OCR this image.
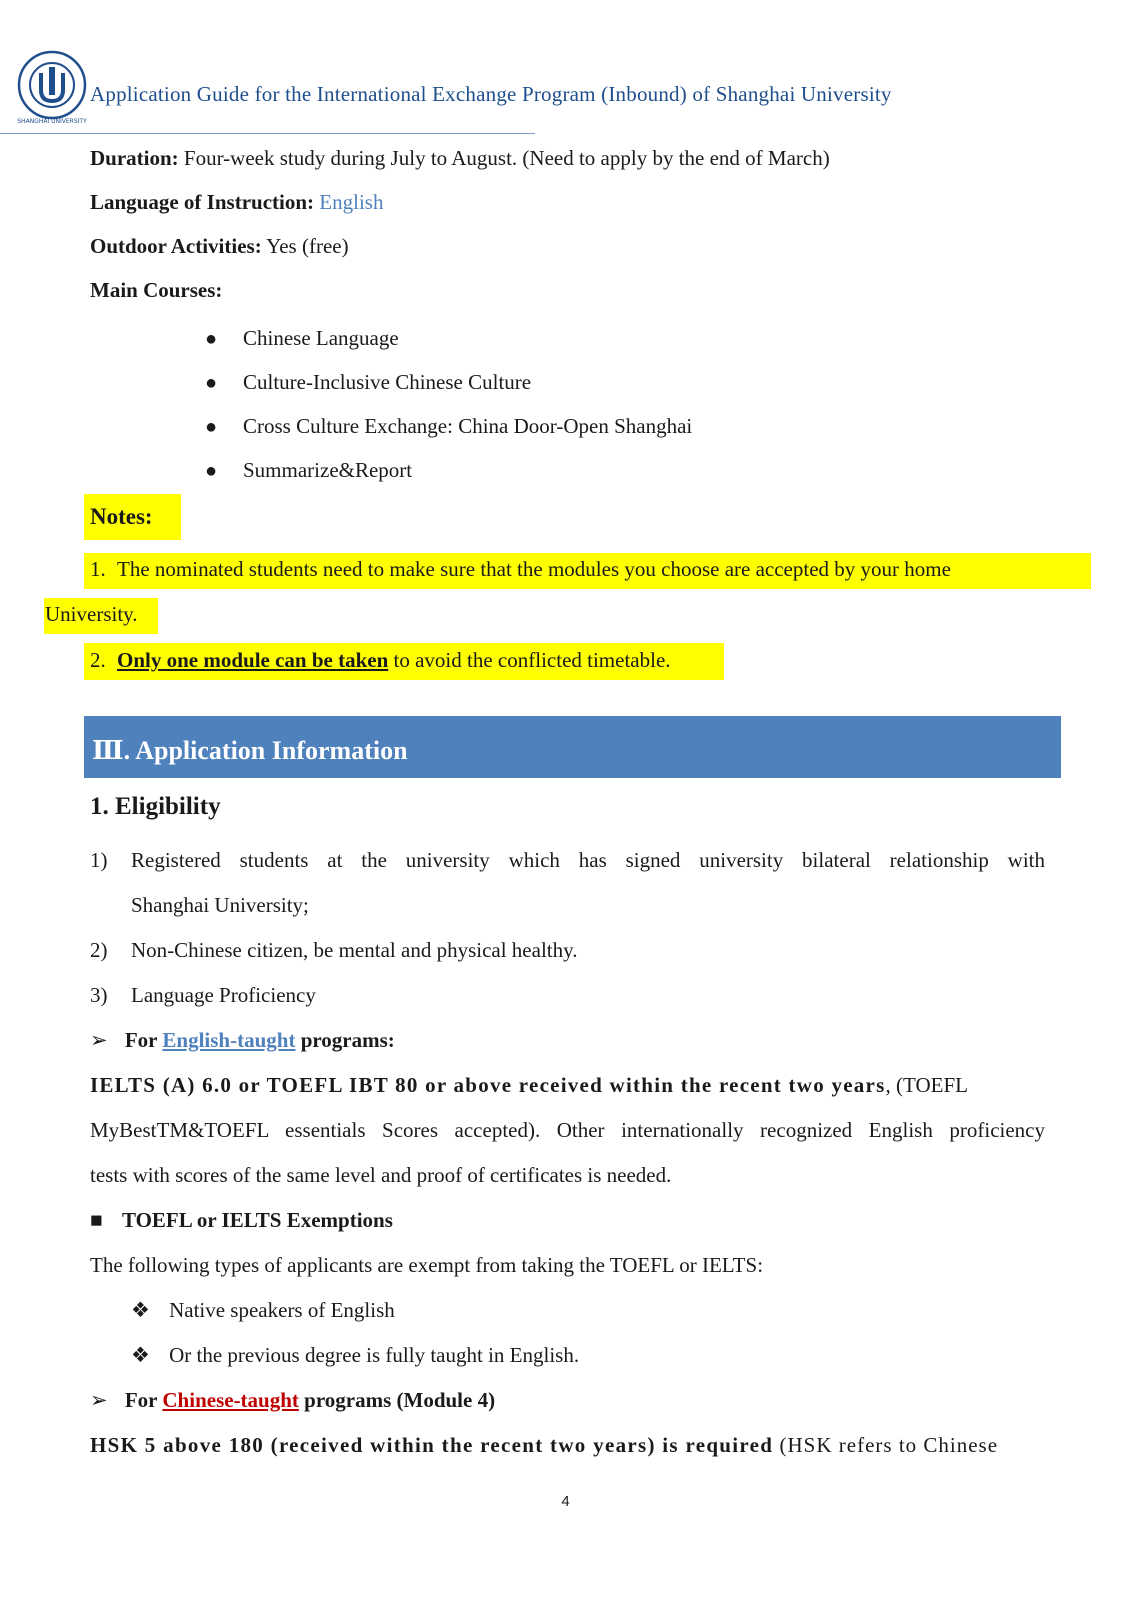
SHANGHAI UNIVERSITY
Application Guide for the International Exchange Program (Inbound) of Shanghai University
Duration: Four-week study during July to August. (Need to apply by the end of March)
Language of Instruction: English
Outdoor Activities: Yes (free)
Main Courses:
● Chinese Language
● Culture-Inclusive Chinese Culture
● Cross Culture Exchange: China Door-Open Shanghai
● Summarize&Report
Notes:
1. The nominated students need to make sure that the modules you choose are accepted by your home
University.
2. Only one module can be taken to avoid the conflicted timetable.
Ⅲ. Application Information
1. Eligibility
1) Registered students at the university which has signed university bilateral relationship with
Shanghai University;
2) Non-Chinese citizen, be mental and physical healthy.
3) Language Proficiency
➢ For English-taught programs:
IELTS (A) 6.0 or TOEFL IBT 80 or above received within the recent two years, (TOEFL
MyBestTM&TOEFL essentials Scores accepted). Other internationally recognized English proficiency
tests with scores of the same level and proof of certificates is needed.
■ TOEFL or IELTS Exemptions
The following types of applicants are exempt from taking the TOEFL or IELTS:
❖ Native speakers of English
❖ Or the previous degree is fully taught in English.
➢ For Chinese-taught programs (Module 4)
HSK 5 above 180 (received within the recent two years) is required (HSK refers to Chinese
4
